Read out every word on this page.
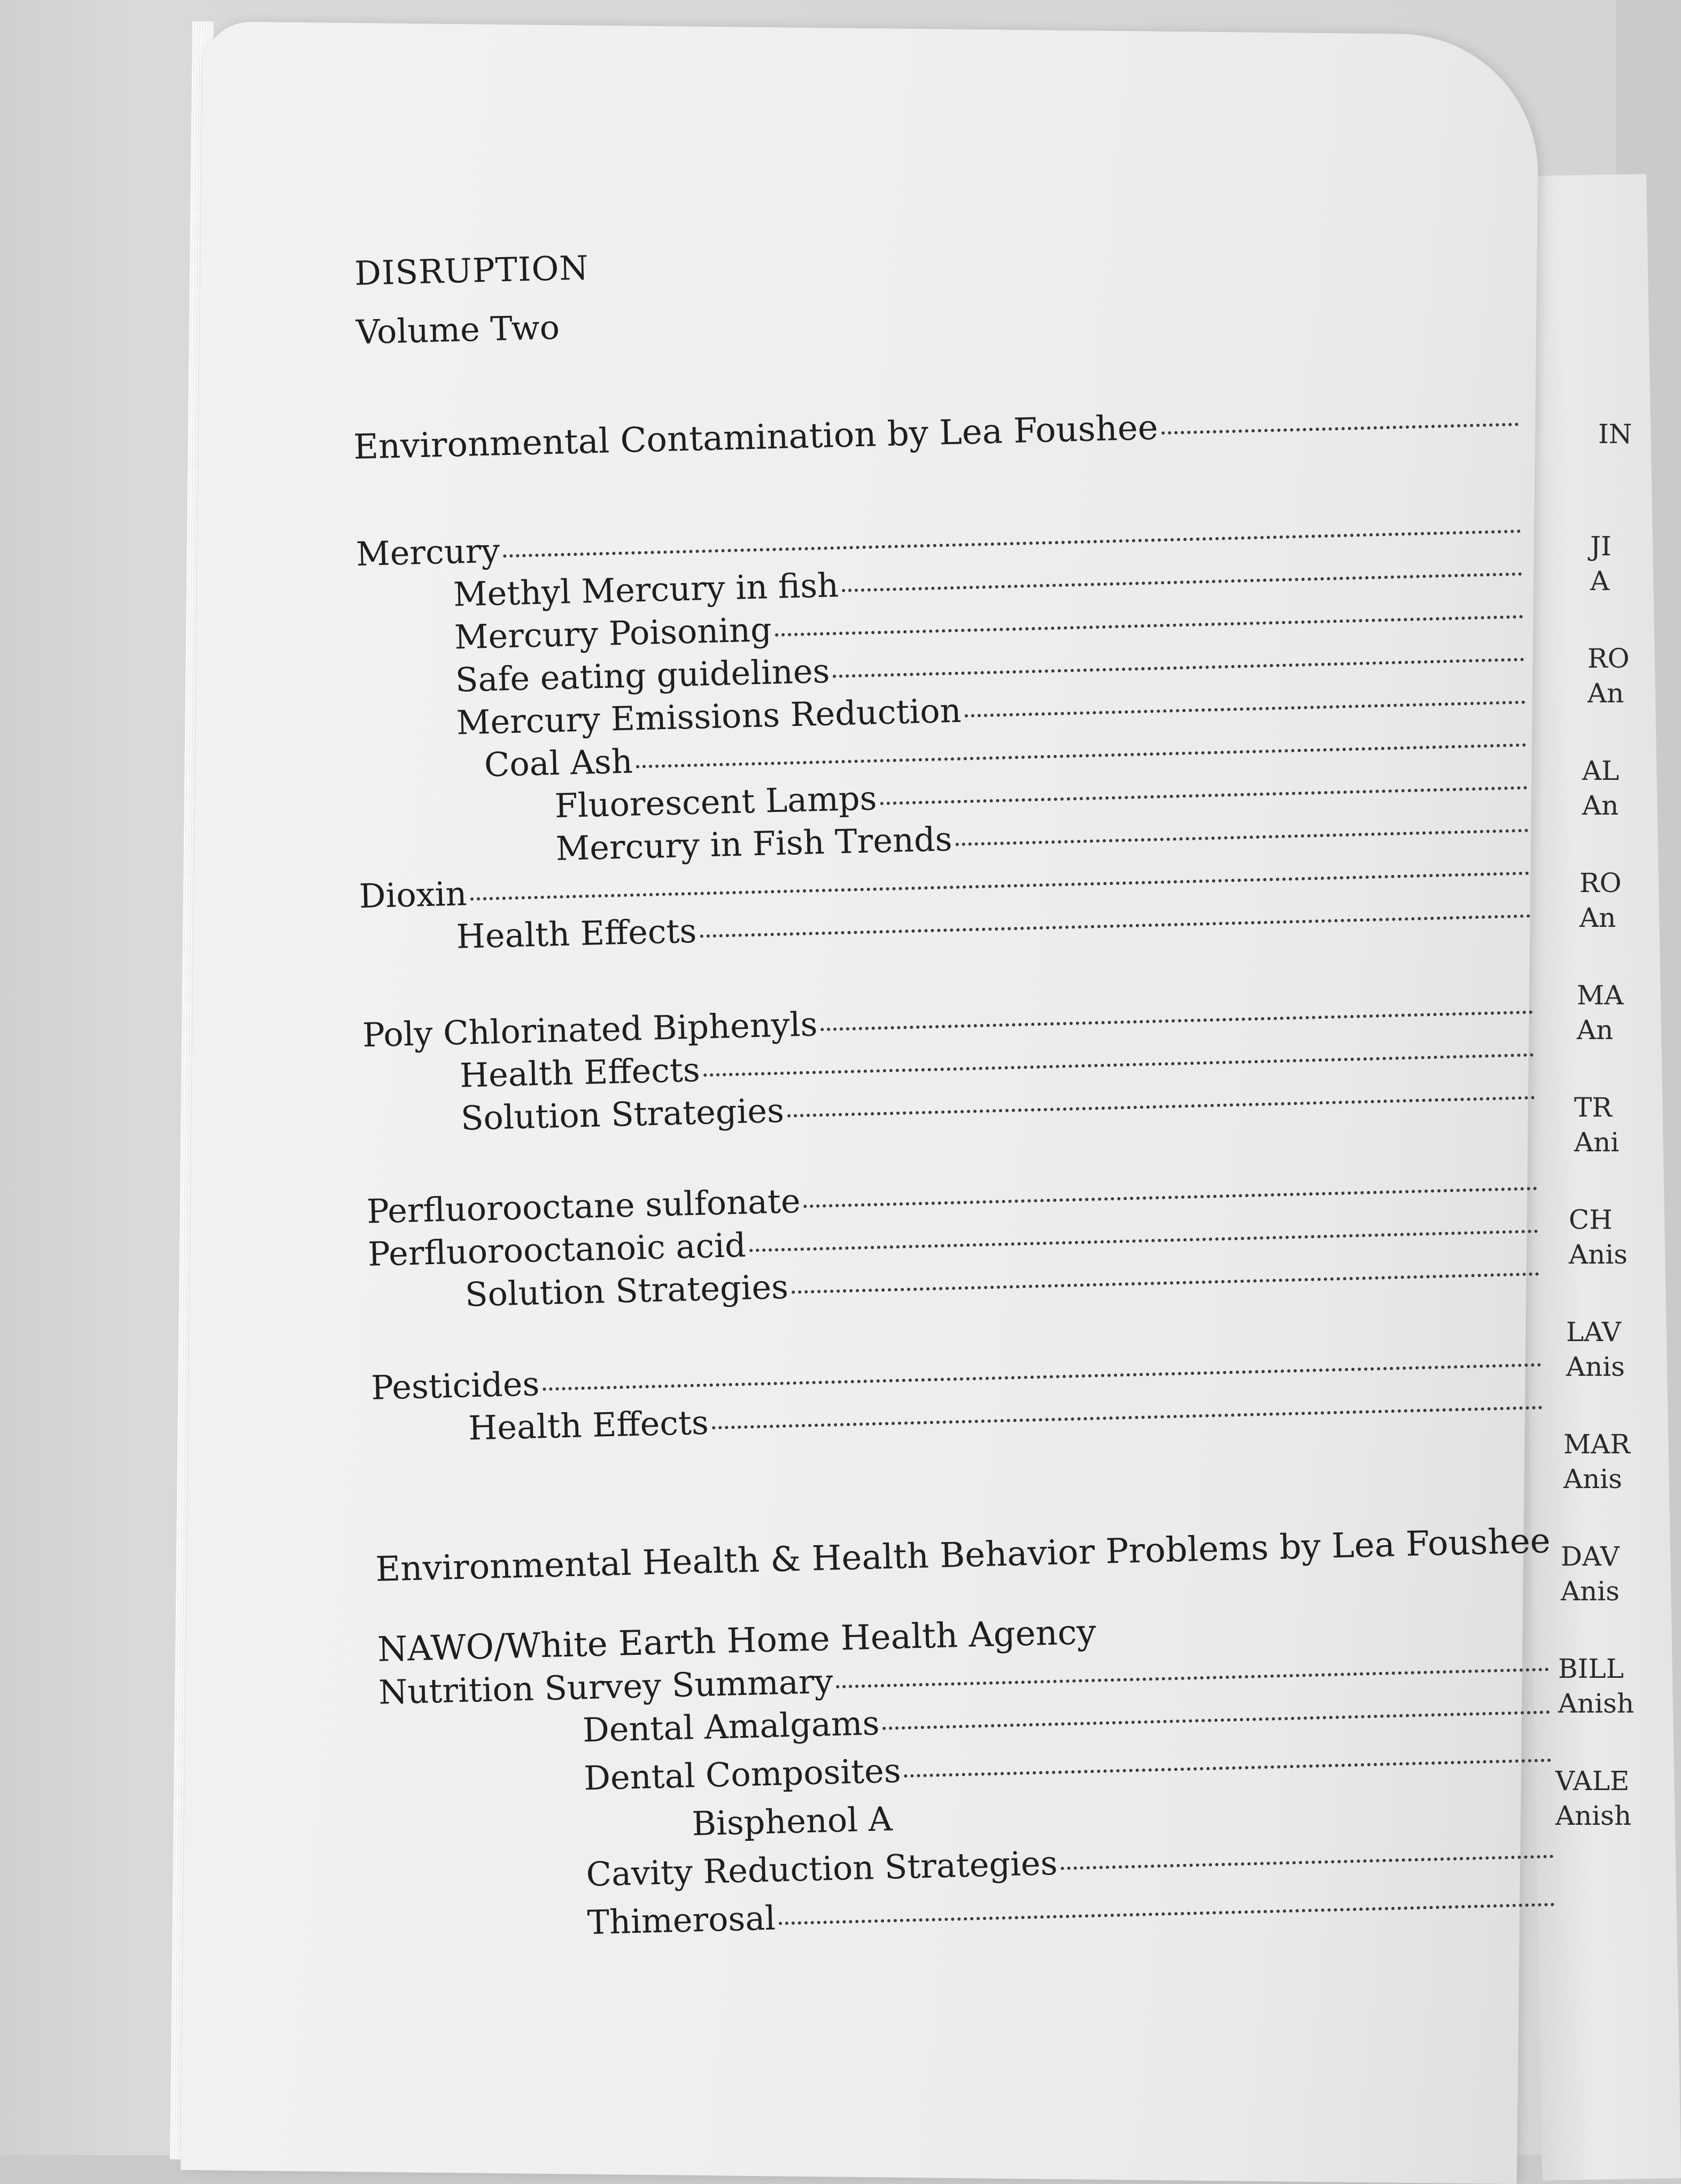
DISRUPTION
Volume Two
Environmental Contamination by Lea Foushee
Mercury
Methyl Mercury in fish
Mercury Poisoning
Safe eating guidelines
Mercury Emissions Reduction
Coal Ash
Fluorescent Lamps
Mercury in Fish Trends
Dioxin
Health Effects
Poly Chlorinated Biphenyls
Health Effects
Solution Strategies
Perfluorooctane sulfonate
Perfluorooctanoic acid
Solution Strategies
Pesticides
Health Effects
Environmental Health & Health Behavior Problems by Lea Foushee
NAWO/White Earth Home Health Agency
Nutrition Survey Summary
Dental Amalgams
Dental Composites
Bisphenol A
Cavity Reduction Strategies
Thimerosal
IN
JI
A
RO
An
AL
An
RO
An
MA
An
TR
Ani
CH
Anis
LAV
Anis
MAR
Anis
DAV
Anis
BILL
Anish
VALE
Anish
